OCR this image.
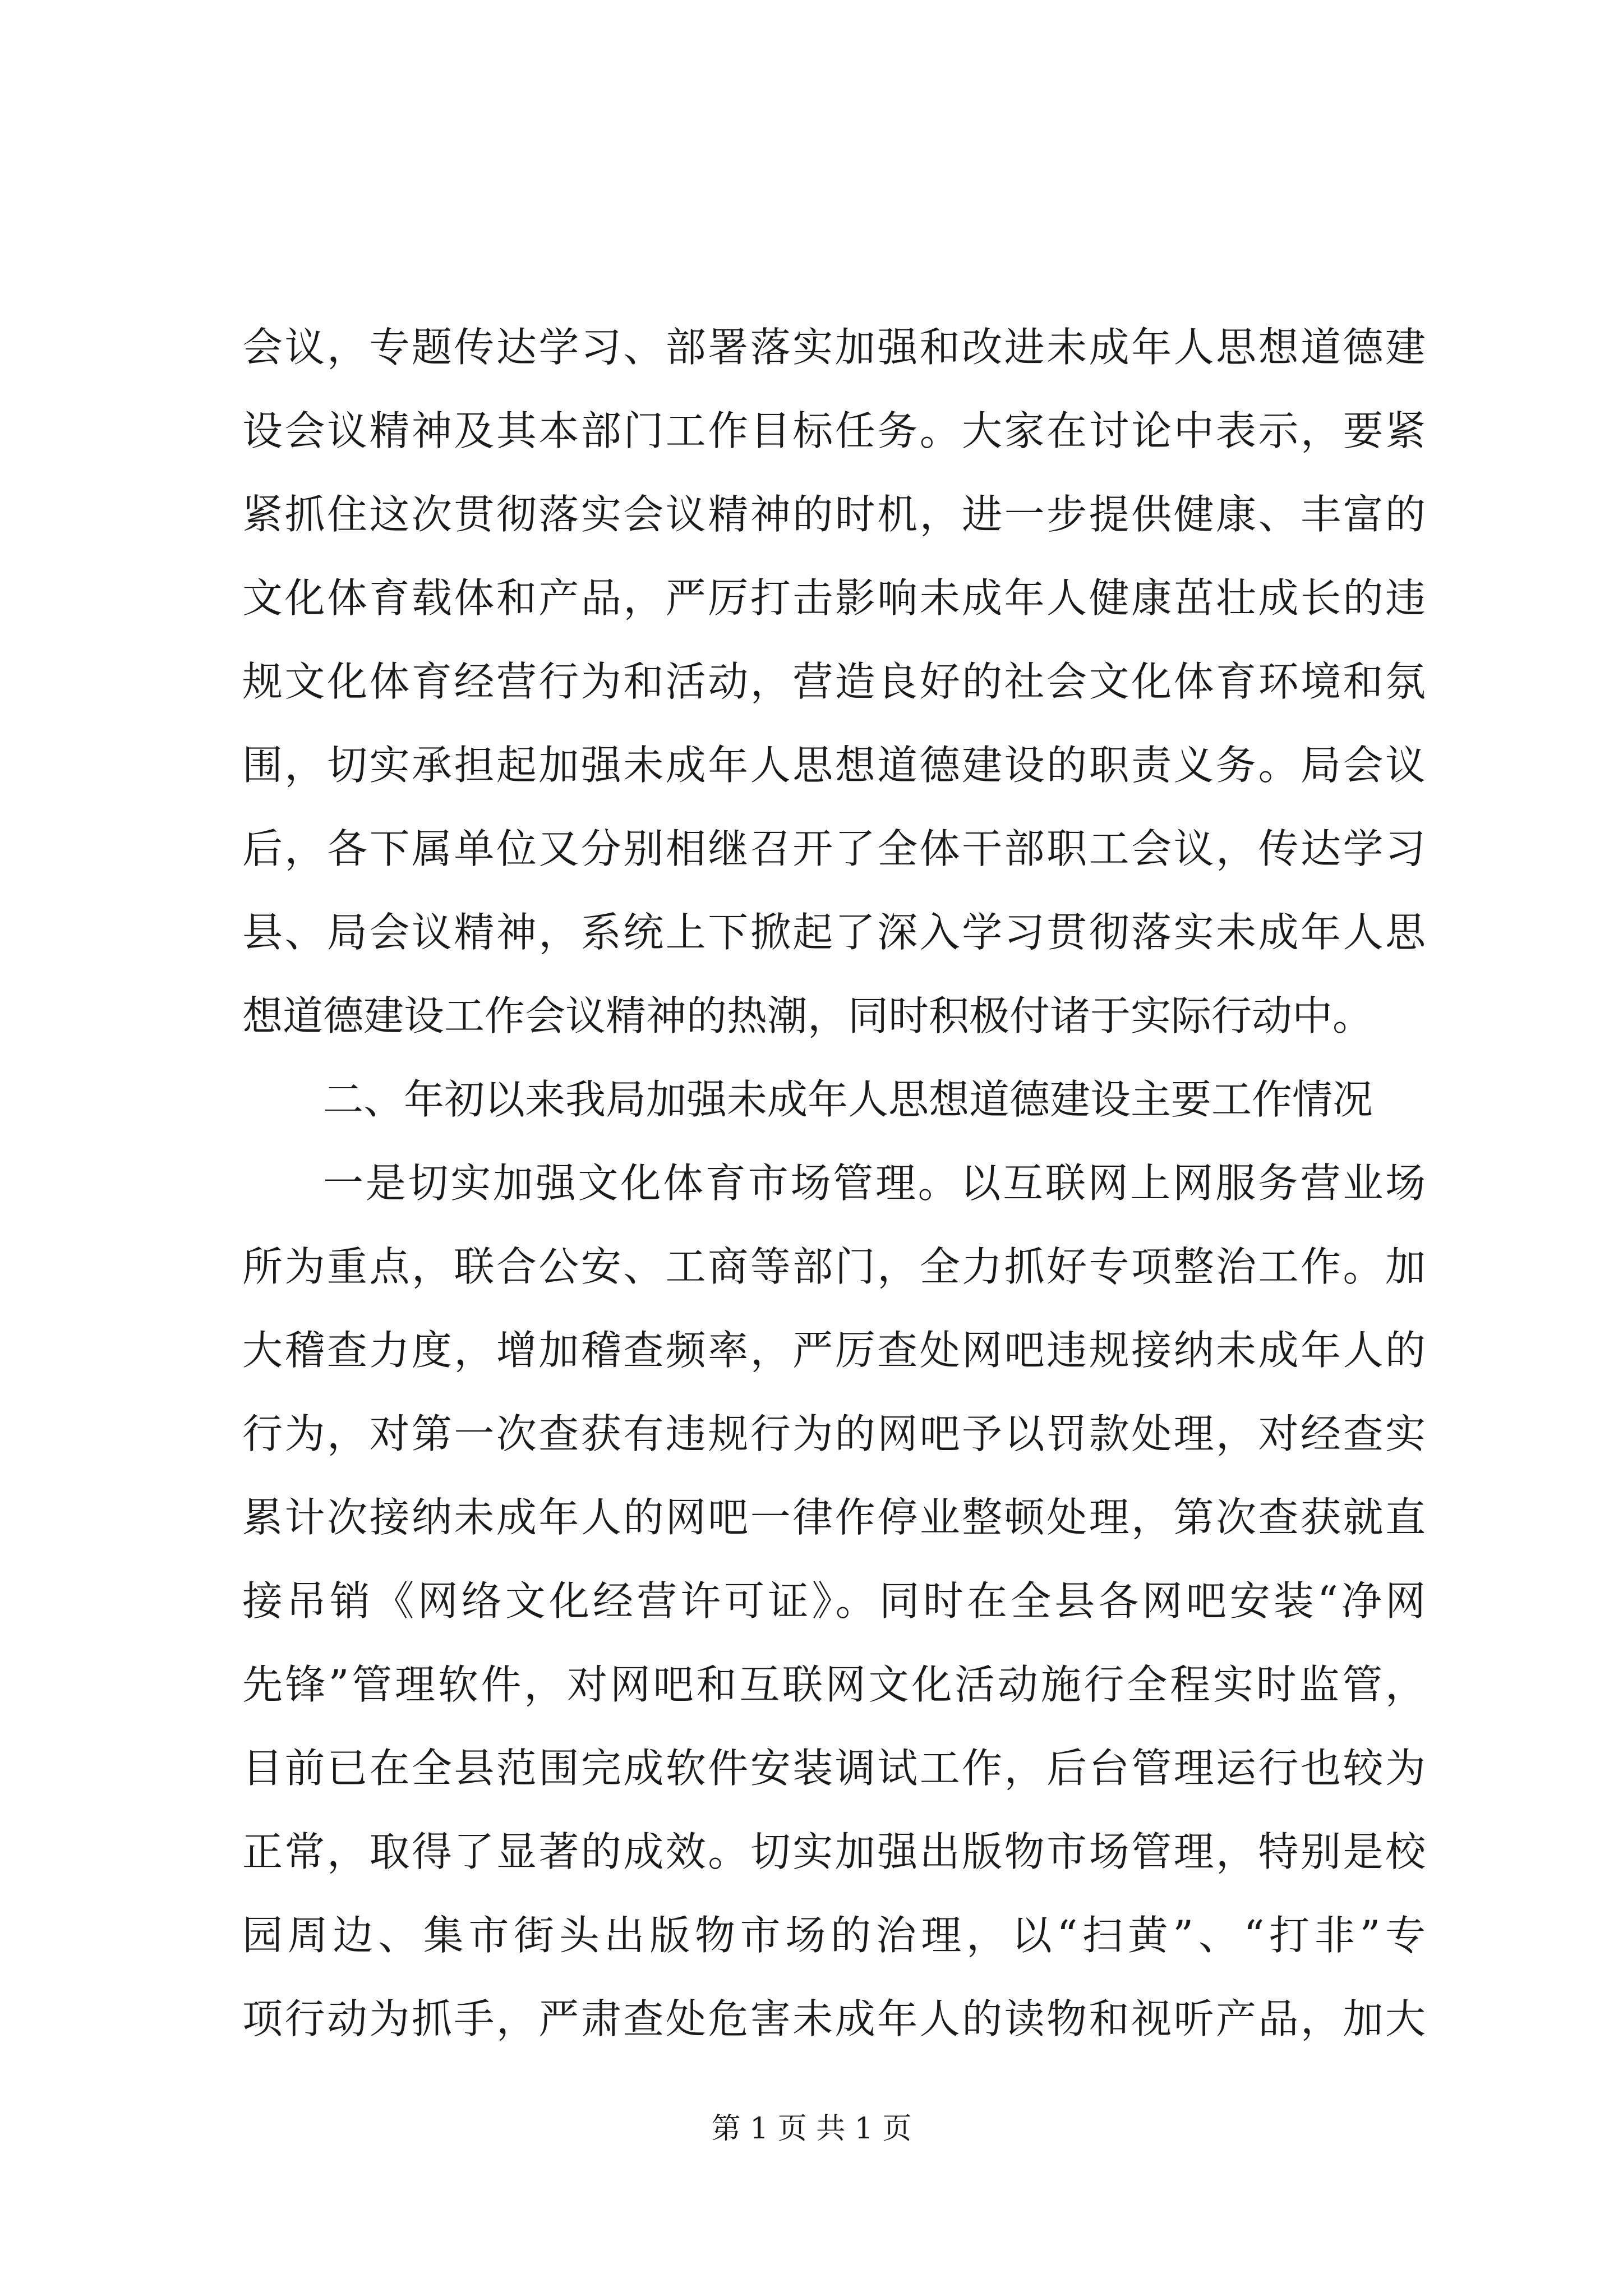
会议，专题传达学习、部署落实加强和改进未成年人思想道德建
设会议精神及其本部门工作目标任务。大家在讨论中表示，要紧
紧抓住这次贯彻落实会议精神的时机，进一步提供健康、丰富的
文化体育载体和产品，严厉打击影响未成年人健康茁壮成长的违
规文化体育经营行为和活动，营造良好的社会文化体育环境和氛
围，切实承担起加强未成年人思想道德建设的职责义务。局会议
后，各下属单位又分别相继召开了全体干部职工会议，传达学习
县、局会议精神，系统上下掀起了深入学习贯彻落实未成年人思
想道德建设工作会议精神的热潮，同时积极付诸于实际行动中。
二、年初以来我局加强未成年人思想道德建设主要工作情况
一是切实加强文化体育市场管理。以互联网上网服务营业场
所为重点，联合公安、工商等部门，全力抓好专项整治工作。加
大稽查力度，增加稽查频率，严厉查处网吧违规接纳未成年人的
行为，对第一次查获有违规行为的网吧予以罚款处理，对经查实
累计次接纳未成年人的网吧一律作停业整顿处理，第次查获就直
接吊销《网络文化经营许可证》。同时在全县各网吧安装“净网
先锋”管理软件，对网吧和互联网文化活动施行全程实时监管，
目前已在全县范围完成软件安装调试工作，后台管理运行也较为
正常，取得了显著的成效。切实加强出版物市场管理，特别是校
园周边、集市街头出版物市场的治理，以“扫黄”、“打非”专
项行动为抓手，严肃查处危害未成年人的读物和视听产品，加大
第 1 页 共 1 页
